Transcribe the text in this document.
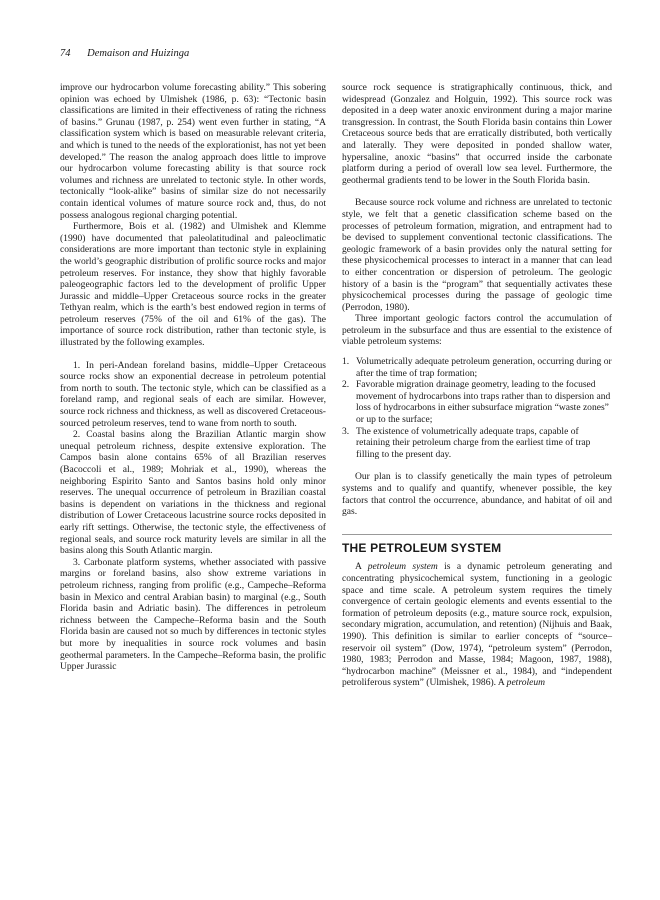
74 Demaison and Huizinga

improve our hydrocarbon volume forecasting ability.” This sobering opinion was echoed by Ulmishek (1986, p. 63): “Tectonic basin classifications are limited in their effectiveness of rating the richness of basins.” Grunau (1987, p. 254) went even further in stating, “A classification system which is based on measurable relevant criteria, and which is tuned to the needs of the explorationist, has not yet been developed.” The reason the analog approach does little to improve our hydrocarbon volume forecasting ability is that source rock volumes and richness are unrelated to tectonic style. In other words, tectonically “look-alike” basins of similar size do not necessarily contain identical volumes of mature source rock and, thus, do not possess analogous regional charging potential.

Furthermore, Bois et al. (1982) and Ulmishek and Klemme (1990) have documented that paleolatitudinal and paleoclimatic considerations are more important than tectonic style in explaining the world’s geographic distribution of prolific source rocks and major petroleum reserves. For instance, they show that highly favorable paleogeographic factors led to the development of prolific Upper Jurassic and middle–Upper Cretaceous source rocks in the greater Tethyan realm, which is the earth’s best endowed region in terms of petroleum reserves (75% of the oil and 61% of the gas). The importance of source rock distribution, rather than tectonic style, is illustrated by the following examples.

1. In peri-Andean foreland basins, middle–Upper Cretaceous source rocks show an exponential decrease in petroleum potential from north to south. The tectonic style, which can be classified as a foreland ramp, and regional seals of each are similar. However, source rock richness and thickness, as well as discovered Cretaceous-sourced petroleum reserves, tend to wane from north to south.

2. Coastal basins along the Brazilian Atlantic margin show unequal petroleum richness, despite extensive exploration. The Campos basin alone contains 65% of all Brazilian reserves (Bacoccoli et al., 1989; Mohriak et al., 1990), whereas the neighboring Espirito Santo and Santos basins hold only minor reserves. The unequal occurrence of petroleum in Brazilian coastal basins is dependent on variations in the thickness and regional distribution of Lower Cretaceous lacustrine source rocks deposited in early rift settings. Otherwise, the tectonic style, the effectiveness of regional seals, and source rock maturity levels are similar in all the basins along this South Atlantic margin.

3. Carbonate platform systems, whether associated with passive margins or foreland basins, also show extreme variations in petroleum richness, ranging from prolific (e.g., Campeche–Reforma basin in Mexico and central Arabian basin) to marginal (e.g., South Florida basin and Adriatic basin). The differences in petroleum richness between the Campeche–Reforma basin and the South Florida basin are caused not so much by differences in tectonic styles but more by inequalities in source rock volumes and basin geothermal parameters. In the Campeche–Reforma basin, the prolific Upper Jurassic

source rock sequence is stratigraphically continuous, thick, and widespread (Gonzalez and Holguin, 1992). This source rock was deposited in a deep water anoxic environment during a major marine transgression. In contrast, the South Florida basin contains thin Lower Cretaceous source beds that are erratically distributed, both vertically and laterally. They were deposited in ponded shallow water, hypersaline, anoxic “basins” that occurred inside the carbonate platform during a period of overall low sea level. Furthermore, the geothermal gradients tend to be lower in the South Florida basin.

Because source rock volume and richness are unrelated to tectonic style, we felt that a genetic classification scheme based on the processes of petroleum formation, migration, and entrapment had to be devised to supplement conventional tectonic classifications. The geologic framework of a basin provides only the natural setting for these physicochemical processes to interact in a manner that can lead to either concentration or dispersion of petroleum. The geologic history of a basin is the “program” that sequentially activates these physicochemical processes during the passage of geologic time (Perrodon, 1980).

Three important geologic factors control the accumulation of petroleum in the subsurface and thus are essential to the existence of viable petroleum systems:

1. Volumetrically adequate petroleum generation, occurring during or after the time of trap formation;
2. Favorable migration drainage geometry, leading to the focused movement of hydrocarbons into traps rather than to dispersion and loss of hydrocarbons in either subsurface migration “waste zones” or up to the surface;
3. The existence of volumetrically adequate traps, capable of retaining their petroleum charge from the earliest time of trap filling to the present day.

Our plan is to classify genetically the main types of petroleum systems and to qualify and quantify, whenever possible, the key factors that control the occurrence, abundance, and habitat of oil and gas.

THE PETROLEUM SYSTEM

A petroleum system is a dynamic petroleum generating and concentrating physicochemical system, functioning in a geologic space and time scale. A petroleum system requires the timely convergence of certain geologic elements and events essential to the formation of petroleum deposits (e.g., mature source rock, expulsion, secondary migration, accumulation, and retention) (Nijhuis and Baak, 1990). This definition is similar to earlier concepts of “source–reservoir oil system” (Dow, 1974), “petroleum system” (Perrodon, 1980, 1983; Perrodon and Masse, 1984; Magoon, 1987, 1988), “hydrocarbon machine” (Meissner et al., 1984), and “independent petroliferous system” (Ulmishek, 1986). A petroleum
